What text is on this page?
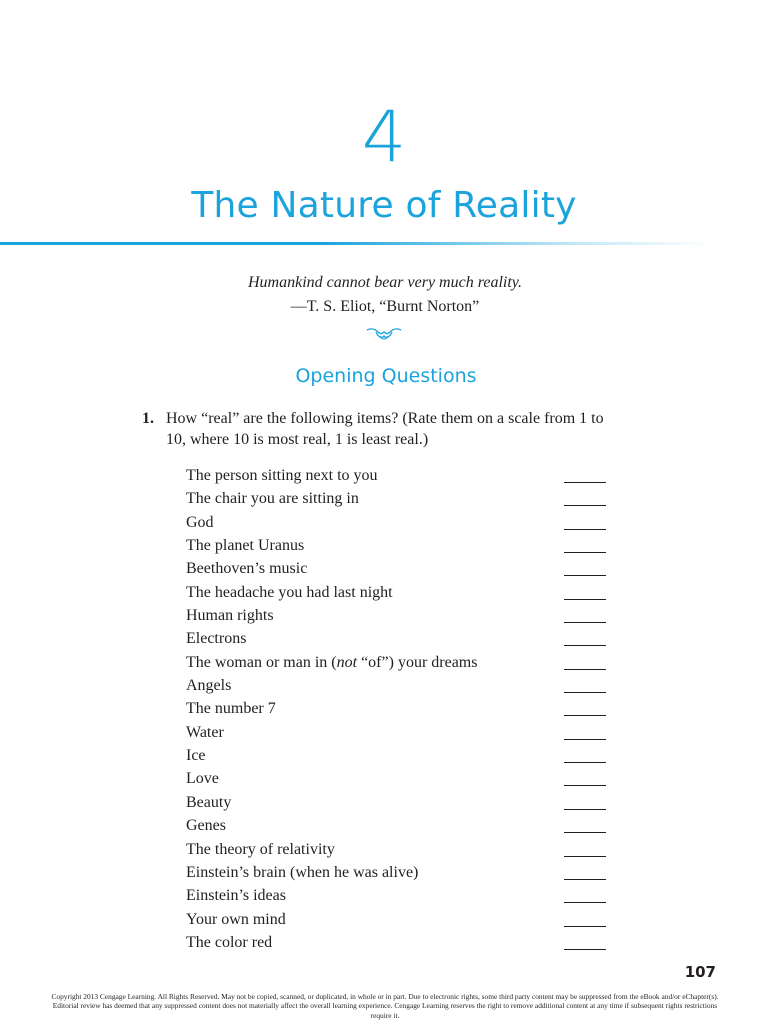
4
The Nature of Reality
Humankind cannot bear very much reality.
—T. S. Eliot, “Burnt Norton”
Opening Questions
1. How “real” are the following items? (Rate them on a scale from 1 to 10, where 10 is most real, 1 is least real.)
The person sitting next to you
The chair you are sitting in
God
The planet Uranus
Beethoven’s music
The headache you had last night
Human rights
Electrons
The woman or man in (not “of”) your dreams
Angels
The number 7
Water
Ice
Love
Beauty
Genes
The theory of relativity
Einstein’s brain (when he was alive)
Einstein’s ideas
Your own mind
The color red
107
Copyright 2013 Cengage Learning. All Rights Reserved. May not be copied, scanned, or duplicated, in whole or in part. Due to electronic rights, some third party content may be suppressed from the eBook and/or eChapter(s). Editorial review has deemed that any suppressed content does not materially affect the overall learning experience. Cengage Learning reserves the right to remove additional content at any time if subsequent rights restrictions require it.
